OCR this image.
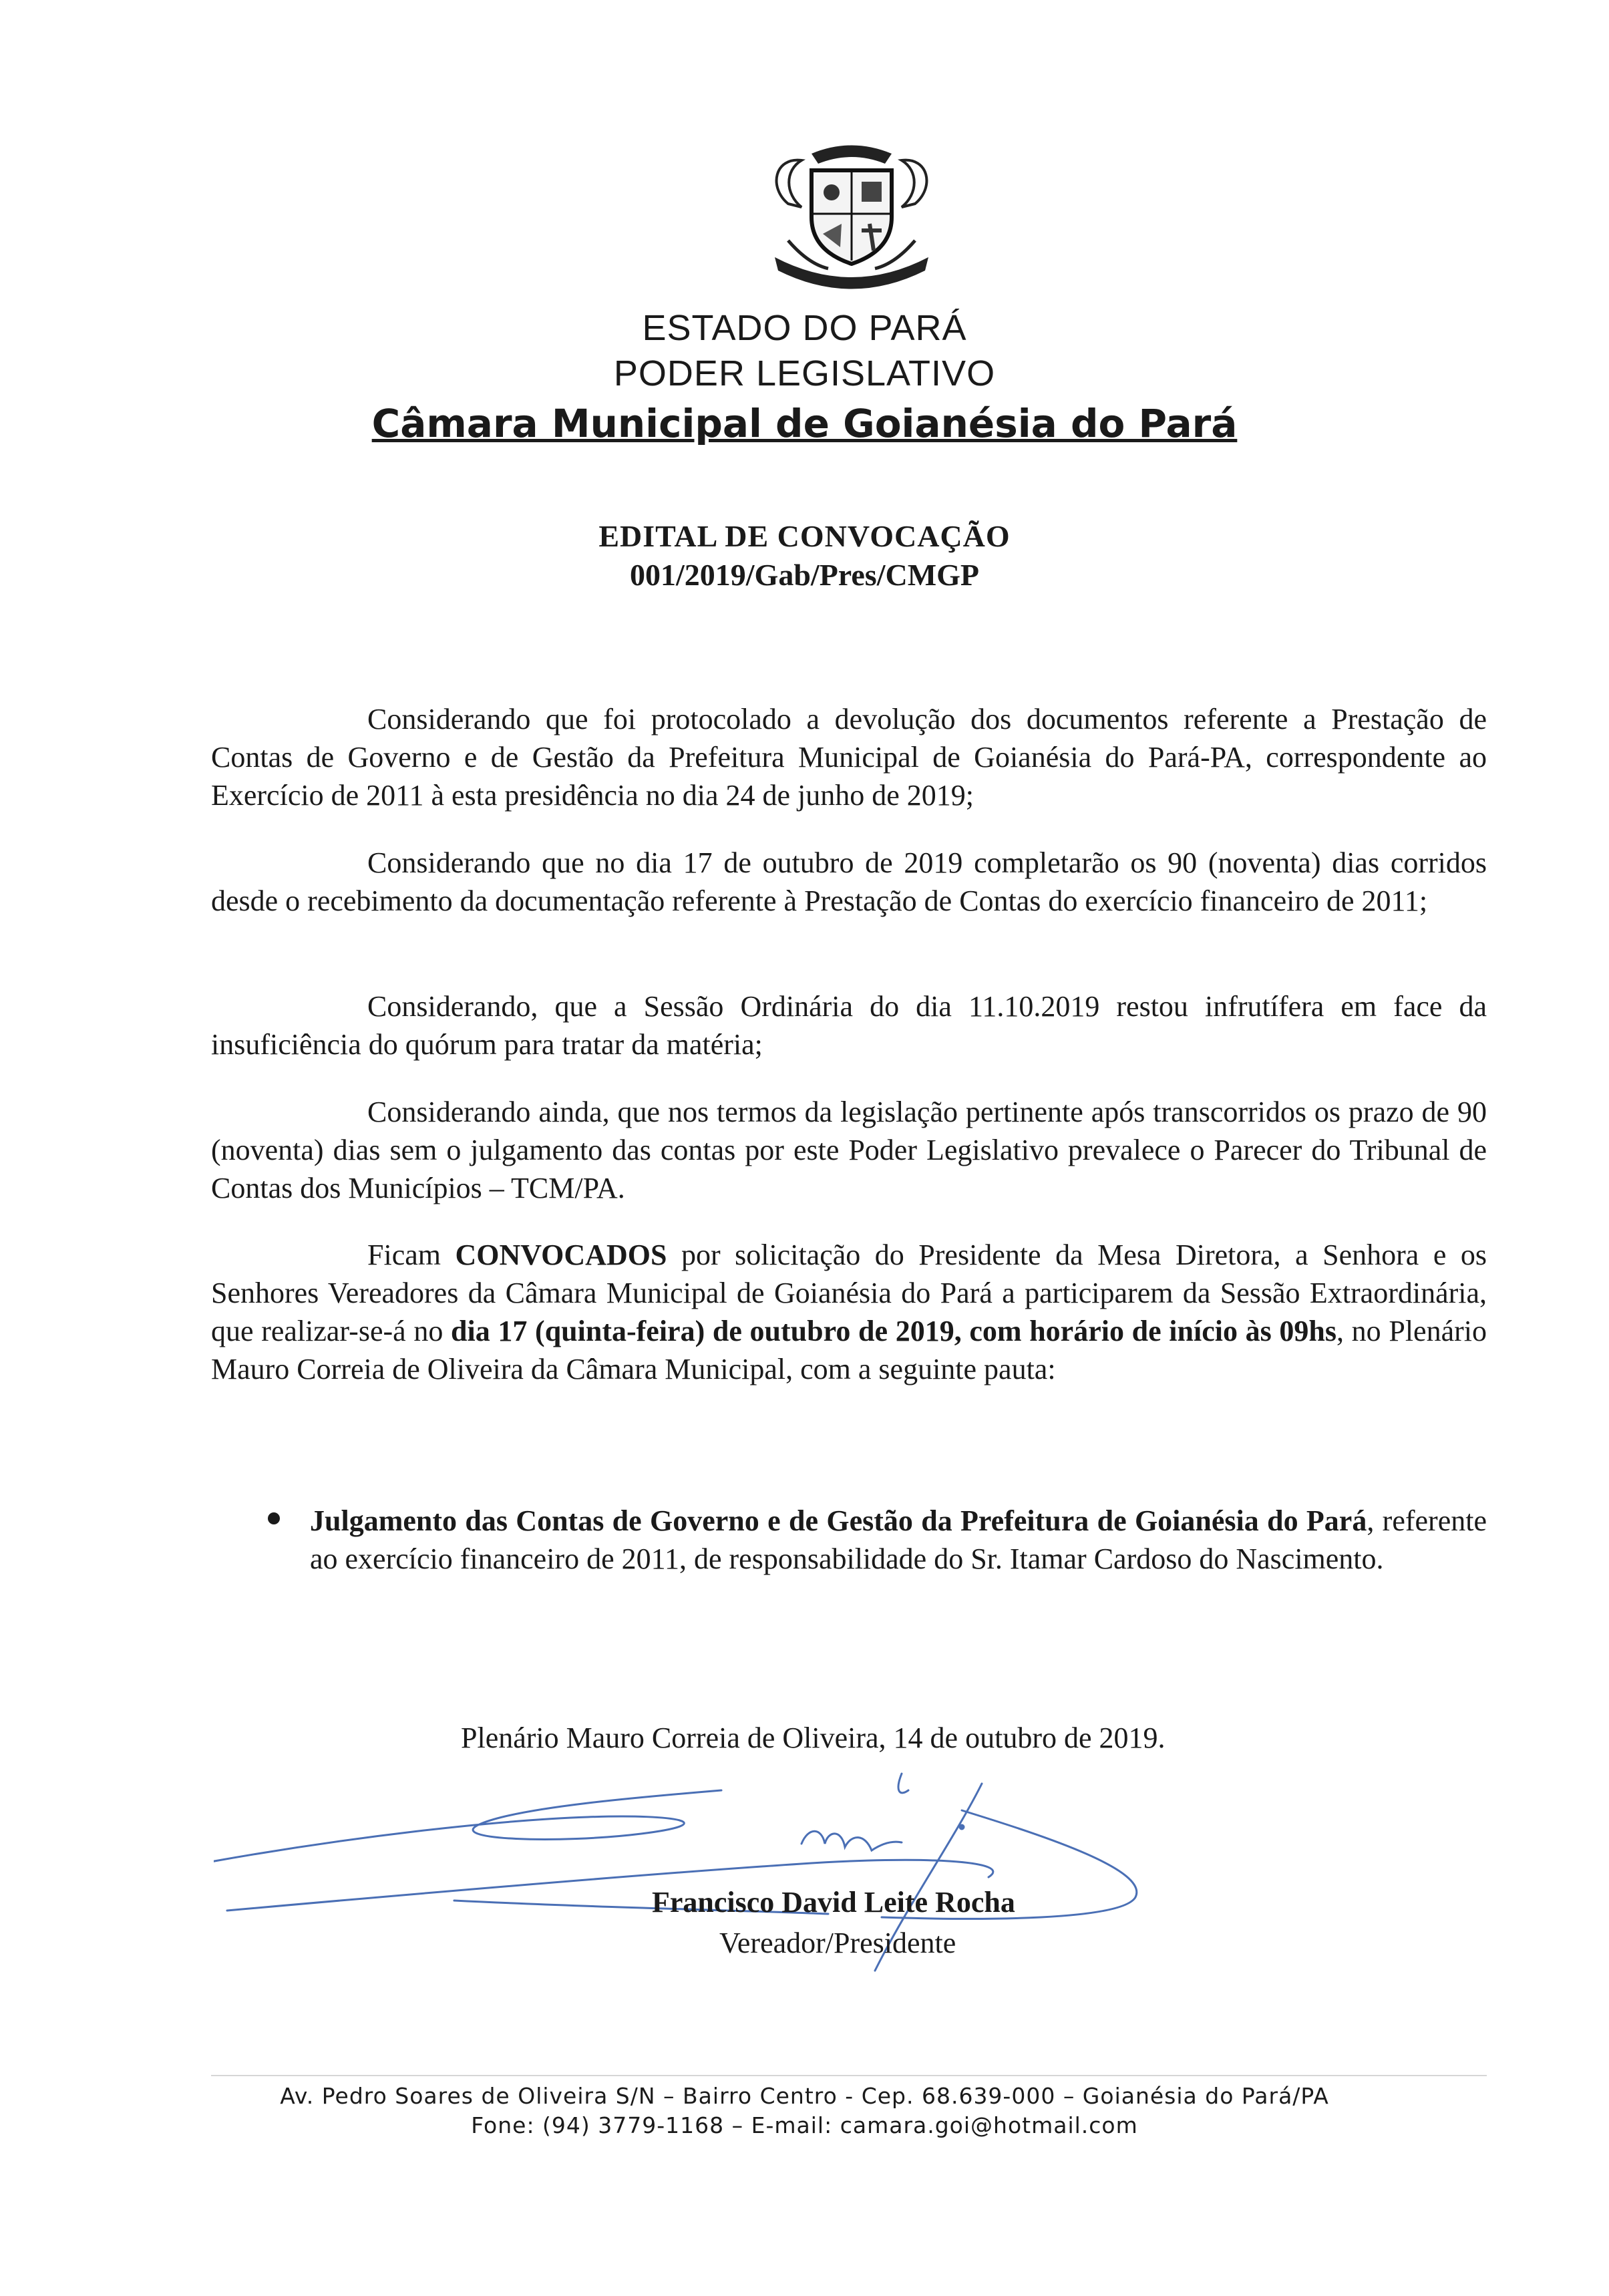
ESTADO DO PARÁ
PODER LEGISLATIVO
Câmara Municipal de Goianésia do Pará
EDITAL DE CONVOCAÇÃO
001/2019/Gab/Pres/CMGP

Considerando que foi protocolado a devolução dos documentos referente a Prestação de Contas de Governo e de Gestão da Prefeitura Municipal de Goianésia do Pará-PA, correspondente ao Exercício de 2011 à esta presidência no dia 24 de junho de 2019;

Considerando que no dia 17 de outubro de 2019 completarão os 90 (noventa) dias corridos desde o recebimento da documentação referente à Prestação de Contas do exercício financeiro de 2011;

Considerando, que a Sessão Ordinária do dia 11.10.2019 restou infrutífera em face da insuficiência do quórum para tratar da matéria;

Considerando ainda, que nos termos da legislação pertinente após transcorridos os prazo de 90 (noventa) dias sem o julgamento das contas por este Poder Legislativo prevalece o Parecer do Tribunal de Contas dos Municípios – TCM/PA.

Ficam CONVOCADOS por solicitação do Presidente da Mesa Diretora, a Senhora e os Senhores Vereadores da Câmara Municipal de Goianésia do Pará a participarem da Sessão Extraordinária, que realizar-se-á no dia 17 (quinta-feira) de outubro de 2019, com horário de início às 09hs, no Plenário Mauro Correia de Oliveira da Câmara Municipal, com a seguinte pauta:

Julgamento das Contas de Governo e de Gestão da Prefeitura de Goianésia do Pará, referente ao exercício financeiro de 2011, de responsabilidade do Sr. Itamar Cardoso do Nascimento.

Plenário Mauro Correia de Oliveira, 14 de outubro de 2019.
Francisco David Leite Rocha
Vereador/Presidente
Av. Pedro Soares de Oliveira S/N – Bairro Centro - Cep. 68.639-000 – Goianésia do Pará/PA
Fone: (94) 3779-1168 – E-mail: camara.goi@hotmail.com
